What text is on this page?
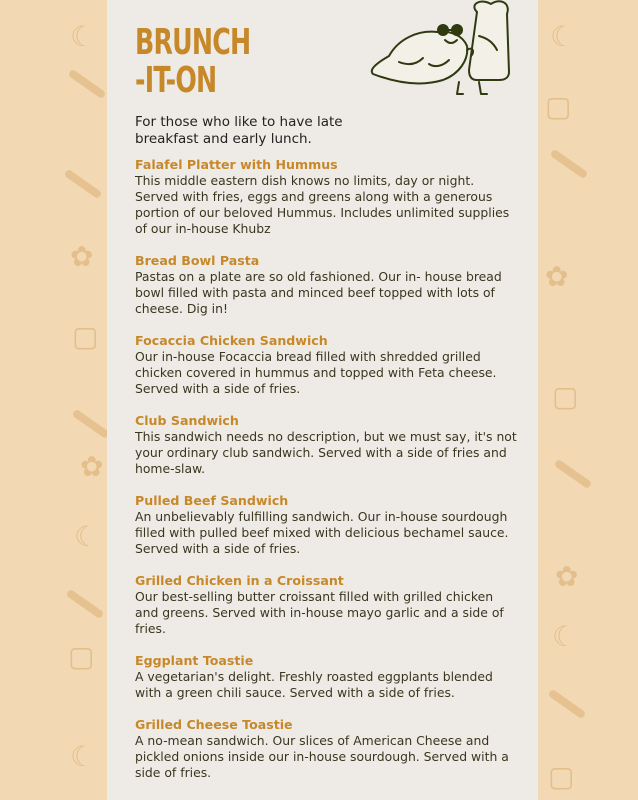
✿
✿
✿
✿
▢
▢
▢
▢
▢
☾
☾
☾
☾
☾
BRUNCH
-IT-ON

For those who like to have late breakfast and early lunch.

Falafel Platter with Hummus

This middle eastern dish knows no limits, day or night. Served with fries, eggs and greens along with a generous portion of our beloved Hummus. Includes unlimited supplies of our in-house Khubz

Bread Bowl Pasta

Pastas on a plate are so old fashioned. Our in- house bread bowl filled with pasta and minced beef topped with lots of cheese. Dig in!

Focaccia Chicken Sandwich

Our in-house Focaccia bread filled with shredded grilled chicken covered in hummus and topped with Feta cheese. Served with a side of fries.

Club Sandwich

This sandwich needs no description, but we must say, it's not your ordinary club sandwich. Served with a side of fries and home-slaw.

Pulled Beef Sandwich

An unbelievably fulfilling sandwich. Our in-house sourdough filled with pulled beef mixed with delicious bechamel sauce. Served with a side of fries.

Grilled Chicken in a Croissant

Our best-selling butter croissant filled with grilled chicken and greens. Served with in-house mayo garlic and a side of fries.

Eggplant Toastie

A vegetarian's delight. Freshly roasted eggplants blended with a green chili sauce. Served with a side of fries.

Grilled Cheese Toastie

A no-mean sandwich. Our slices of American Cheese and pickled onions inside our in-house sourdough. Served with a side of fries.
